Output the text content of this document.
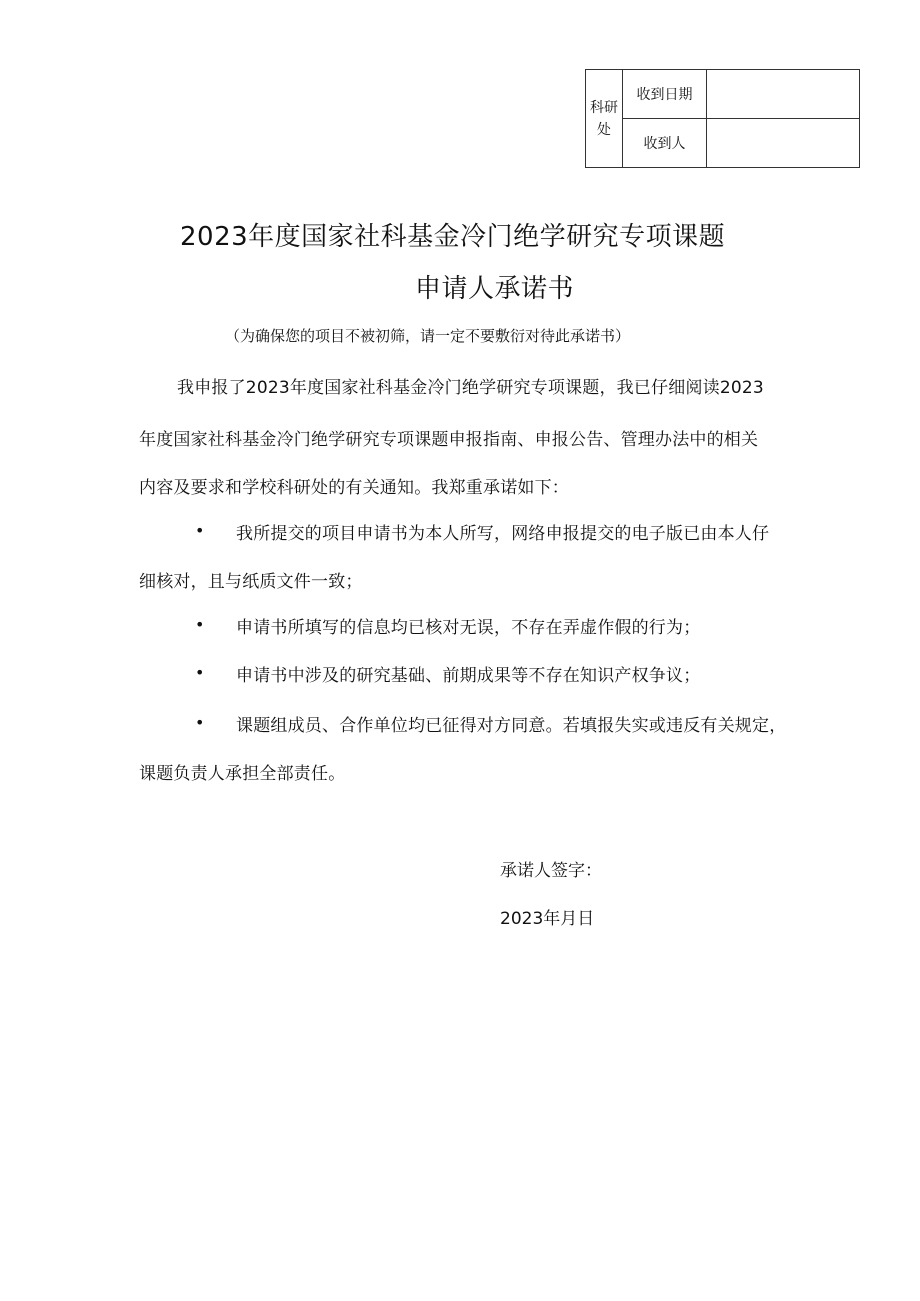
科研处	收到日期	
	收到人	
2023年度国家社科基金冷门绝学研究专项课题
申请人承诺书
（为确保您的项目不被初筛，请一定不要敷衍对待此承诺书）
我申报了2023年度国家社科基金冷门绝学研究专项课题，我已仔细阅读2023
年度国家社科基金冷门绝学研究专项课题申报指南、申报公告、管理办法中的相关
内容及要求和学校科研处的有关通知。我郑重承诺如下：
• 我所提交的项目申请书为本人所写，网络申报提交的电子版已由本人仔
细核对，且与纸质文件一致；
• 申请书所填写的信息均已核对无误，不存在弄虚作假的行为；
• 申请书中涉及的研究基础、前期成果等不存在知识产权争议；
• 课题组成员、合作单位均已征得对方同意。若填报失实或违反有关规定，
课题负责人承担全部责任。
承诺人签字：
2023年月日
